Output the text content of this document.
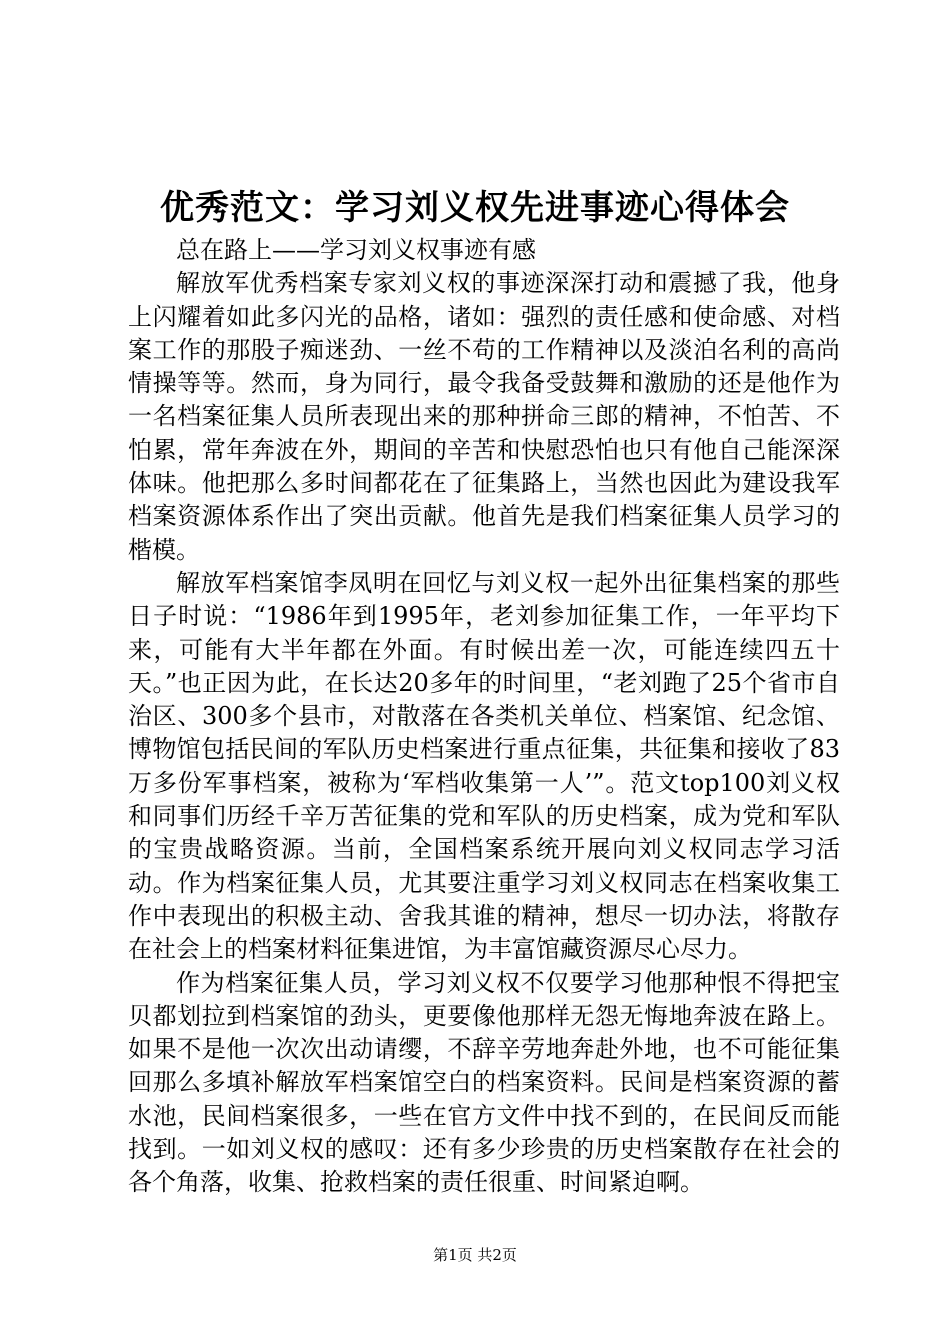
优秀范文：学习刘义权先进事迹心得体会

总在路上——学习刘义权事迹有感

解放军优秀档案专家刘义权的事迹深深打动和震撼了我，他身上闪耀着如此多闪光的品格，诸如：强烈的责任感和使命感、对档案工作的那股子痴迷劲、一丝不苟的工作精神以及淡泊名利的高尚情操等等。然而，身为同行，最令我备受鼓舞和激励的还是他作为一名档案征集人员所表现出来的那种拼命三郎的精神，不怕苦、不怕累，常年奔波在外，期间的辛苦和快慰恐怕也只有他自己能深深体味。他把那么多时间都花在了征集路上，当然也因此为建设我军档案资源体系作出了突出贡献。他首先是我们档案征集人员学习的楷模。

解放军档案馆李凤明在回忆与刘义权一起外出征集档案的那些日子时说：“1986年到1995年，老刘参加征集工作，一年平均下来，可能有大半年都在外面。有时候出差一次，可能连续四五十天。”也正因为此，在长达20多年的时间里，“老刘跑了25个省市自治区、300多个县市，对散落在各类机关单位、档案馆、纪念馆、博物馆包括民间的军队历史档案进行重点征集，共征集和接收了83万多份军事档案，被称为‘军档收集第一人’”。范文top100刘义权和同事们历经千辛万苦征集的党和军队的历史档案，成为党和军队的宝贵战略资源。当前，全国档案系统开展向刘义权同志学习活动。作为档案征集人员，尤其要注重学习刘义权同志在档案收集工作中表现出的积极主动、舍我其谁的精神，想尽一切办法，将散存在社会上的档案材料征集进馆，为丰富馆藏资源尽心尽力。

作为档案征集人员，学习刘义权不仅要学习他那种恨不得把宝贝都划拉到档案馆的劲头，更要像他那样无怨无悔地奔波在路上。如果不是他一次次出动请缨，不辞辛劳地奔赴外地，也不可能征集回那么多填补解放军档案馆空白的档案资料。民间是档案资源的蓄水池，民间档案很多，一些在官方文件中找不到的，在民间反而能找到。一如刘义权的感叹：还有多少珍贵的历史档案散存在社会的各个角落，收集、抢救档案的责任很重、时间紧迫啊。

第1页 共2页
